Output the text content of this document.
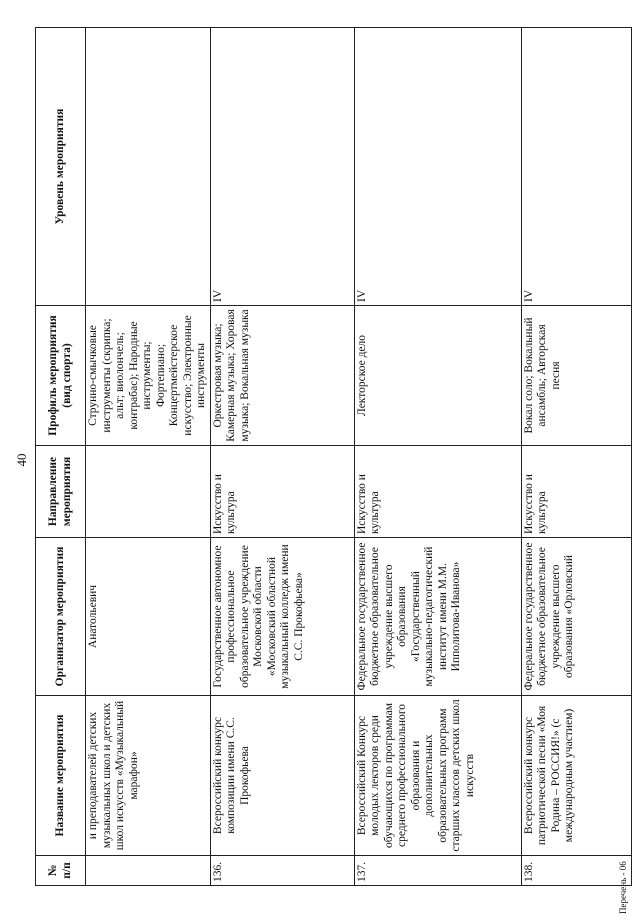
40
№ п/п	Название мероприятия	Организатор мероприятия	Направление мероприятия	Профиль мероприятия (вид спорта)	Уровень мероприятия
	и преподавателей детских музыкальных школ и детских школ искусств «Музыкальный марафон»	Анатольевич		Струнно-смычковые инструменты (скрипка; альт; виолончель; контрабас); Народные инструменты; Фортепиано; Концертмейстерское искусство; Электронные инструменты	
136.	Всероссийский конкурс композиции имени С.С. Прокофьева	Государственное автономное профессиональное образовательное учреждение Московской области «Московский областной музыкальный колледж имени С.С. Прокофьева»	Искусство и культура	Оркестровая музыка; Камерная музыка; Хоровая музыка; Вокальная музыка	IV
137.	Всероссийский Конкурс молодых лекторов среди обучающихся по программам среднего профессионального образования и дополнительных образовательных программ старших классов детских школ искусств	Федеральное государственное бюджетное образовательное учреждение высшего образования «Государственный музыкально-педагогический институт имени М.М. Ипполитова-Иванова»	Искусство и культура	Лекторское дело	IV
138.	Всероссийский конкурс патриотической песни «Моя Родина – РОССИЯ!» (с международным участием)	Федеральное государственное бюджетное образовательное учреждение высшего образования «Орловский	Искусство и культура	Вокал соло; Вокальный ансамбль; Авторская песня	IV
Перечень - 06
